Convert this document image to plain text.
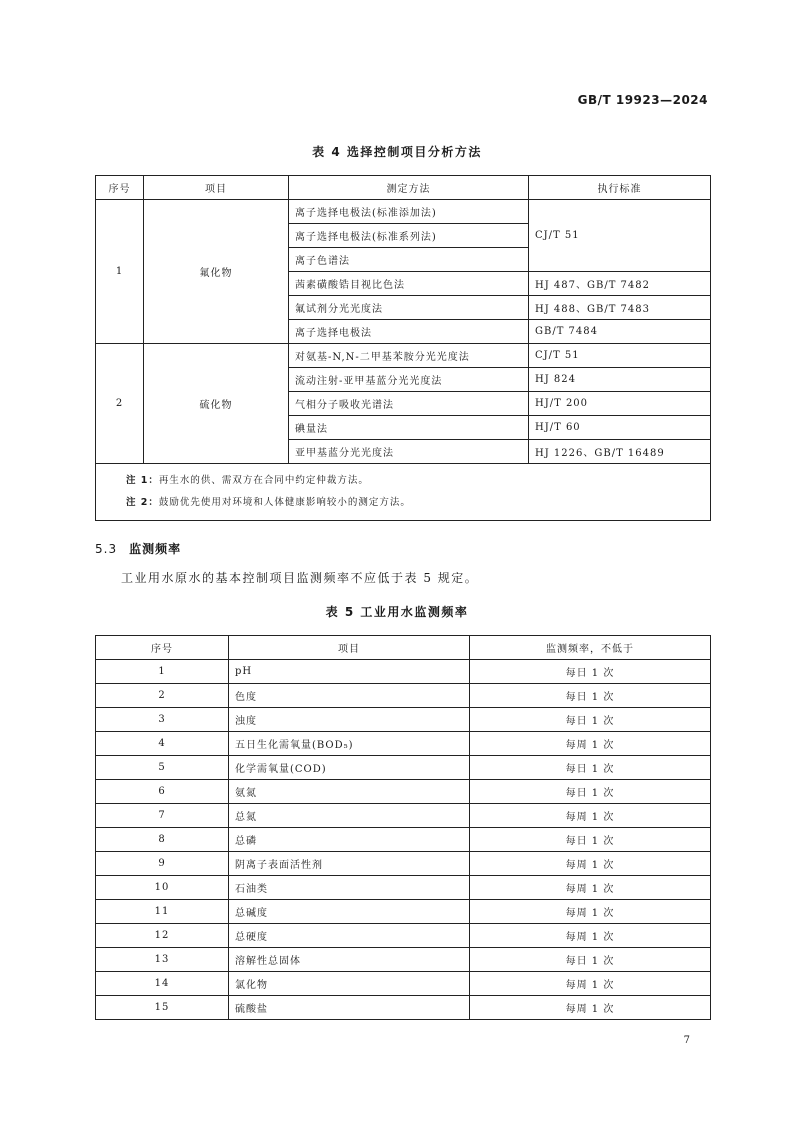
GB/T 19923—2024
表 4 选择控制项目分析方法
序号	项目	测定方法	执行标准
1	氟化物	离子选择电极法(标准添加法)	CJ/T 51
		离子选择电极法(标准系列法)	
		离子色谱法	
		茜素磺酸锆目视比色法	HJ 487、GB/T 7482
		氟试剂分光光度法	HJ 488、GB/T 7483
		离子选择电极法	GB/T 7484
2	硫化物	对氨基-N,N-二甲基苯胺分光光度法	CJ/T 51
		流动注射-亚甲基蓝分光光度法	HJ 824
		气相分子吸收光谱法	HJ/T 200
		碘量法	HJ/T 60
		亚甲基蓝分光光度法	HJ 1226、GB/T 16489

注 1：再生水的供、需双方在合同中约定仲裁方法。
注 2：鼓励优先使用对环境和人体健康影响较小的测定方法。			
5.3 监测频率
工业用水原水的基本控制项目监测频率不应低于表 5 规定。
表 5 工业用水监测频率
序号	项目	监测频率，不低于
1	pH	每日 1 次
2	色度	每日 1 次
3	浊度	每日 1 次
4	五日生化需氧量(BOD₅)	每周 1 次
5	化学需氧量(COD)	每日 1 次
6	氨氮	每日 1 次
7	总氮	每周 1 次
8	总磷	每日 1 次
9	阴离子表面活性剂	每周 1 次
10	石油类	每周 1 次
11	总碱度	每周 1 次
12	总硬度	每周 1 次
13	溶解性总固体	每日 1 次
14	氯化物	每周 1 次
15	硫酸盐	每周 1 次
7
